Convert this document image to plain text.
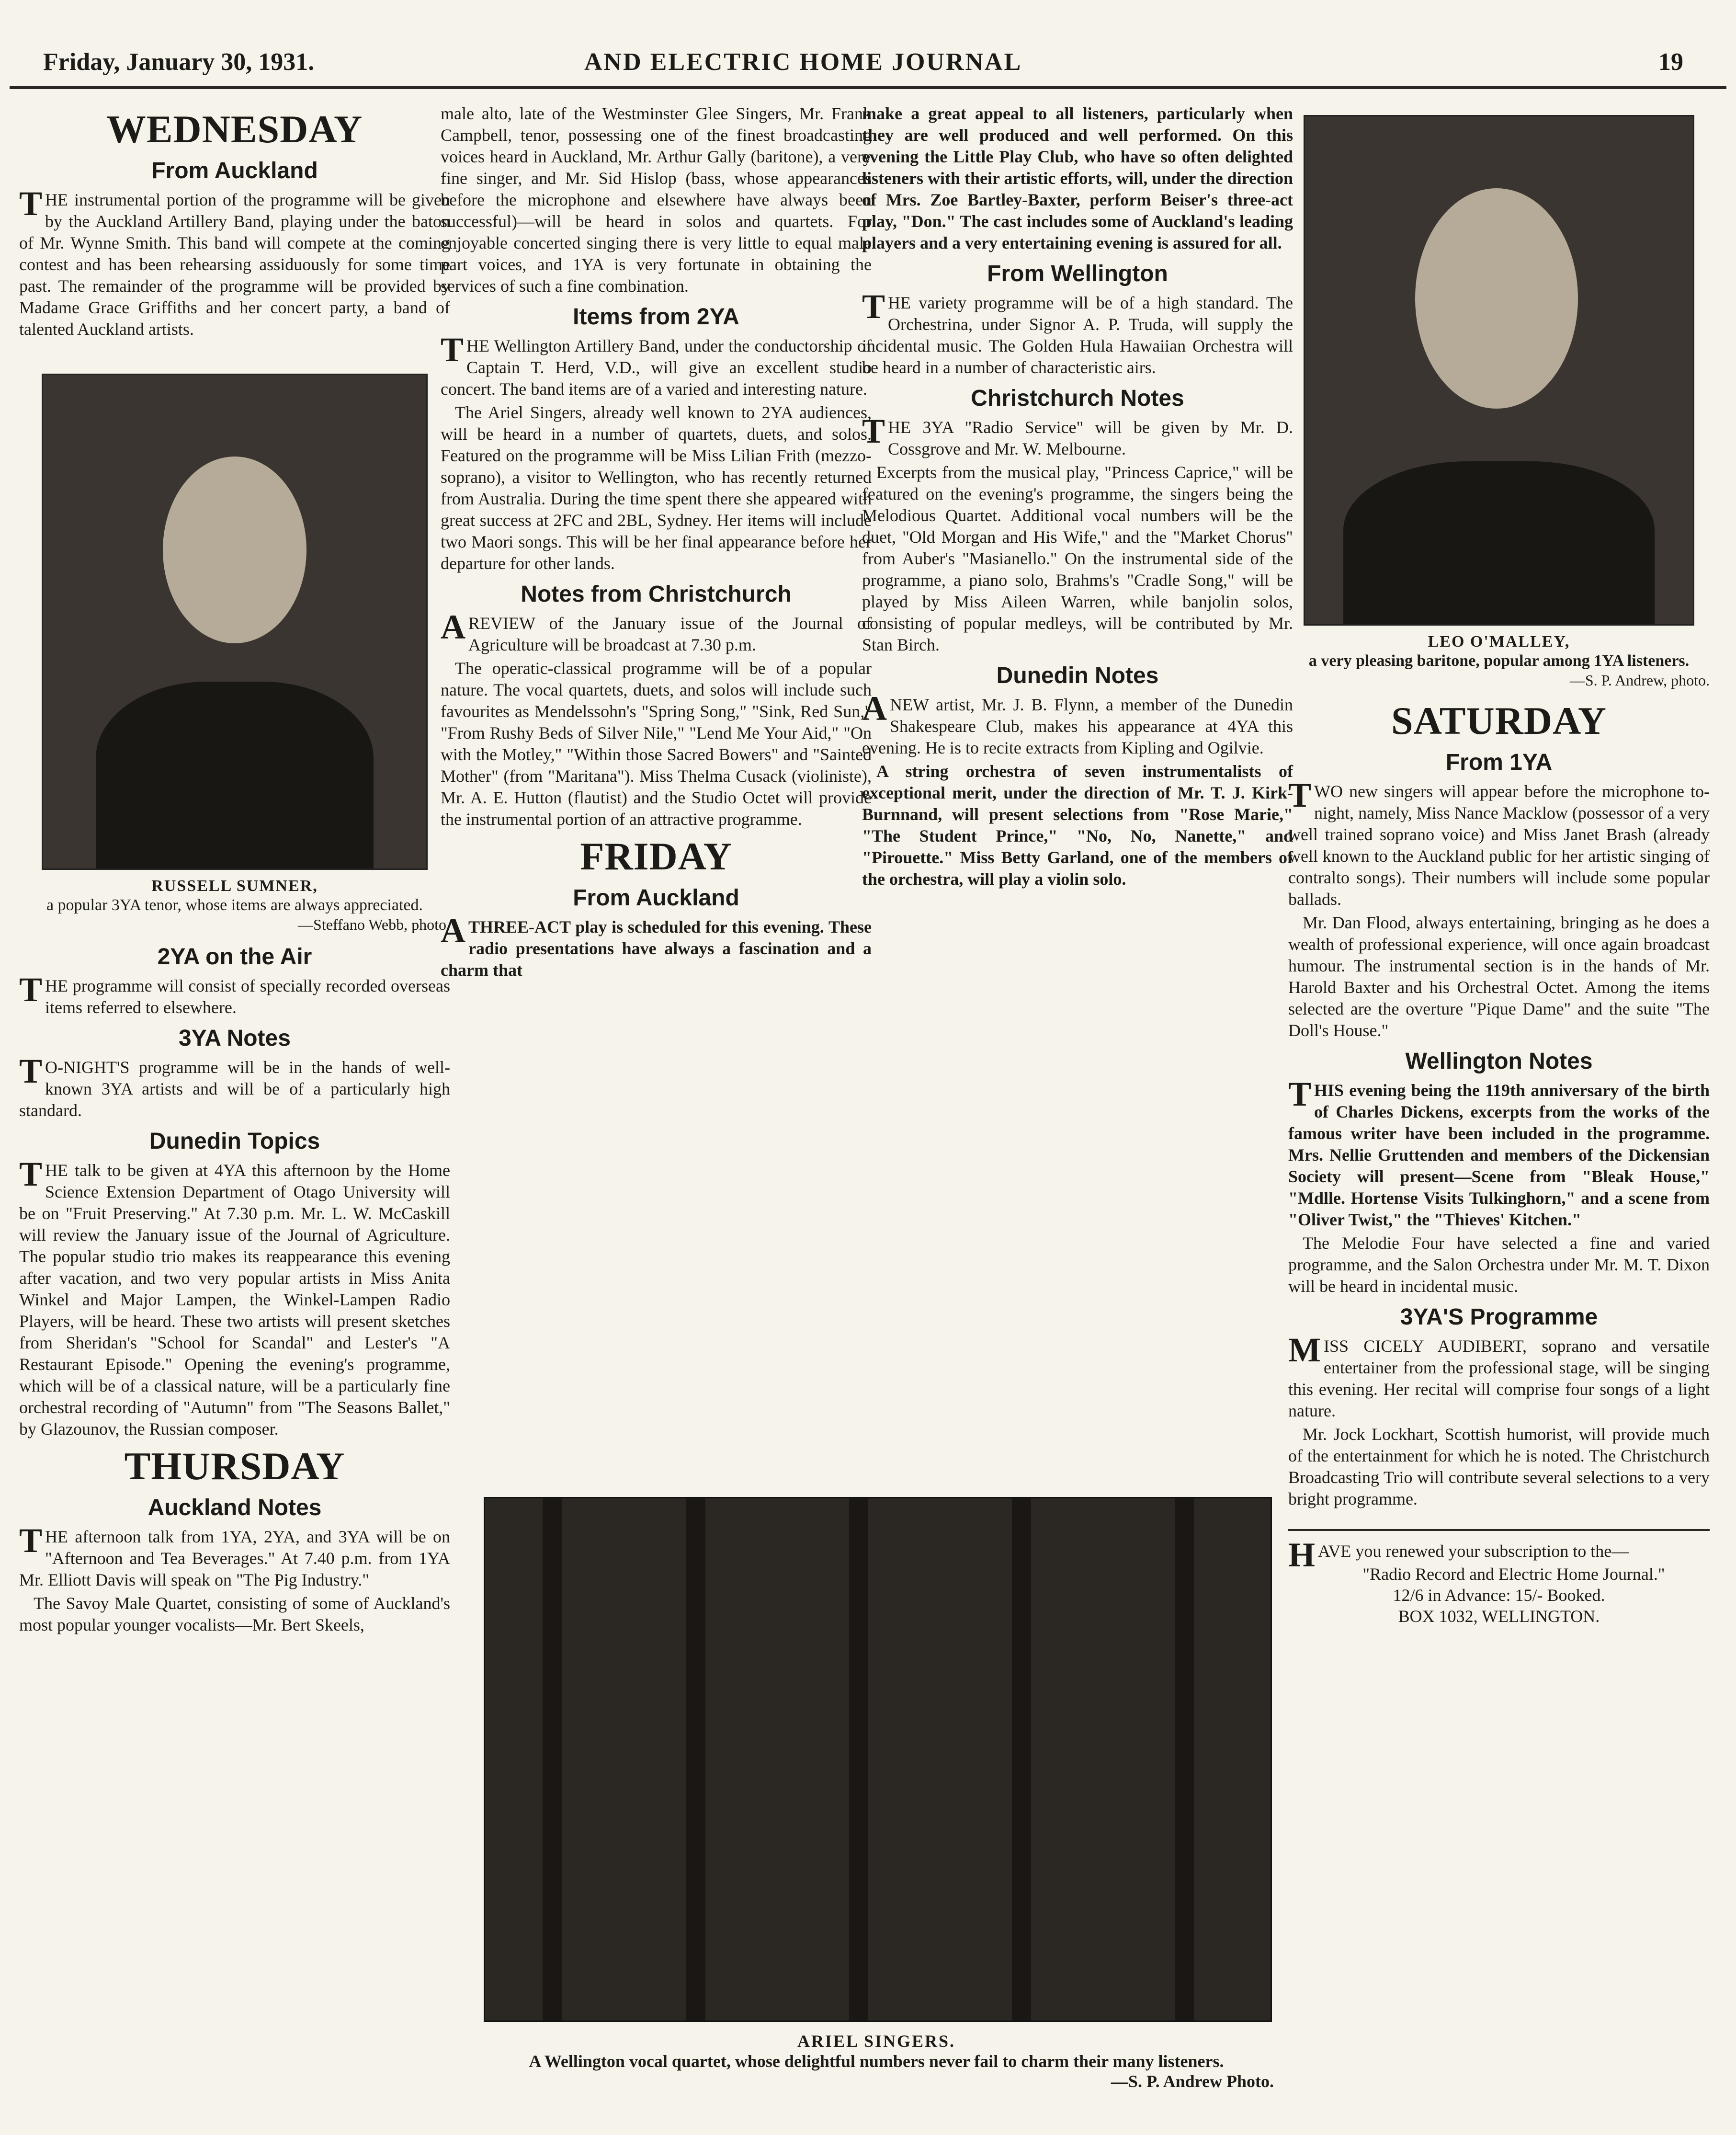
Friday, January 30, 1931.	AND ELECTRIC HOME JOURNAL	19
WEDNESDAY
From Auckland

THE instrumental portion of the programme will be given by the Auckland Artillery Band, playing under the baton of Mr. Wynne Smith. This band will compete at the coming contest and has been rehearsing assiduously for some time past. The remainder of the programme will be provided by Madame Grace Griffiths and her concert party, a band of talented Auckland artists.

RUSSELL SUMNER,
a popular 3YA tenor, whose items are always appreciated.
—Steffano Webb, photo.
2YA on the Air

THE programme will consist of specially recorded overseas items referred to elsewhere.

3YA Notes

TO-NIGHT'S programme will be in the hands of well-known 3YA artists and will be of a particularly high standard.

Dunedin Topics

THE talk to be given at 4YA this afternoon by the Home Science Extension Department of Otago University will be on "Fruit Preserving." At 7.30 p.m. Mr. L. W. McCaskill will review the January issue of the Journal of Agriculture. The popular studio trio makes its reappearance this evening after vacation, and two very popular artists in Miss Anita Winkel and Major Lampen, the Winkel-Lampen Radio Players, will be heard. These two artists will present sketches from Sheridan's "School for Scandal" and Lester's "A Restaurant Episode." Opening the evening's programme, which will be of a classical nature, will be a particularly fine orchestral recording of "Autumn" from "The Seasons Ballet," by Glazounov, the Russian composer.

THURSDAY
Auckland Notes

THE afternoon talk from 1YA, 2YA, and 3YA will be on "Afternoon and Tea Beverages." At 7.40 p.m. from 1YA Mr. Elliott Davis will speak on "The Pig Industry."

The Savoy Male Quartet, consisting of some of Auckland's most popular younger vocalists—Mr. Bert Skeels,

male alto, late of the Westminster Glee Singers, Mr. Frank Campbell, tenor, possessing one of the finest broadcasting voices heard in Auckland, Mr. Arthur Gally (baritone), a very fine singer, and Mr. Sid Hislop (bass, whose appearances before the microphone and elsewhere have always been successful)—will be heard in solos and quartets. For enjoyable concerted singing there is very little to equal male part voices, and 1YA is very fortunate in obtaining the services of such a fine combination.

Items from 2YA

THE Wellington Artillery Band, under the conductorship of Captain T. Herd, V.D., will give an excellent studio concert. The band items are of a varied and interesting nature.

The Ariel Singers, already well known to 2YA audiences, will be heard in a number of quartets, duets, and solos. Featured on the programme will be Miss Lilian Frith (mezzo-soprano), a visitor to Wellington, who has recently returned from Australia. During the time spent there she appeared with great success at 2FC and 2BL, Sydney. Her items will include two Maori songs. This will be her final appearance before her departure for other lands.

Notes from Christchurch

AREVIEW of the January issue of the Journal of Agriculture will be broadcast at 7.30 p.m.

The operatic-classical programme will be of a popular nature. The vocal quartets, duets, and solos will include such favourites as Mendelssohn's "Spring Song," "Sink, Red Sun," "From Rushy Beds of Silver Nile," "Lend Me Your Aid," "On with the Motley," "Within those Sacred Bowers" and "Sainted Mother" (from "Maritana"). Miss Thelma Cusack (violiniste), Mr. A. E. Hutton (flautist) and the Studio Octet will provide the instrumental portion of an attractive programme.

FRIDAY
From Auckland

ATHREE-ACT play is scheduled for this evening. These radio presentations have always a fascination and a charm that

make a great appeal to all listeners, particularly when they are well produced and well performed. On this evening the Little Play Club, who have so often delighted listeners with their artistic efforts, will, under the direction of Mrs. Zoe Bartley-Baxter, perform Beiser's three-act play, "Don." The cast includes some of Auckland's leading players and a very entertaining evening is assured for all.

From Wellington

THE variety programme will be of a high standard. The Orchestrina, under Signor A. P. Truda, will supply the incidental music. The Golden Hula Hawaiian Orchestra will be heard in a number of characteristic airs.

Christchurch Notes

THE 3YA "Radio Service" will be given by Mr. D. Cossgrove and Mr. W. Melbourne.

Excerpts from the musical play, "Princess Caprice," will be featured on the evening's programme, the singers being the Melodious Quartet. Additional vocal numbers will be the duet, "Old Morgan and His Wife," and the "Market Chorus" from Auber's "Masianello." On the instrumental side of the programme, a piano solo, Brahms's "Cradle Song," will be played by Miss Aileen Warren, while banjolin solos, consisting of popular medleys, will be contributed by Mr. Stan Birch.

Dunedin Notes

ANEW artist, Mr. J. B. Flynn, a member of the Dunedin Shakespeare Club, makes his appearance at 4YA this evening. He is to recite extracts from Kipling and Ogilvie.

A string orchestra of seven instrumentalists of exceptional merit, under the direction of Mr. T. J. Kirk-Burnnand, will present selections from "Rose Marie," "The Student Prince," "No, No, Nanette," and "Pirouette." Miss Betty Garland, one of the members of the orchestra, will play a violin solo.

LEO O'MALLEY,
a very pleasing baritone, popular among 1YA listeners.
—S. P. Andrew, photo.
SATURDAY
From 1YA

TWO new singers will appear before the microphone to-night, namely, Miss Nance Macklow (possessor of a very well trained soprano voice) and Miss Janet Brash (already well known to the Auckland public for her artistic singing of contralto songs). Their numbers will include some popular ballads.

Mr. Dan Flood, always entertaining, bringing as he does a wealth of professional experience, will once again broadcast humour. The instrumental section is in the hands of Mr. Harold Baxter and his Orchestral Octet. Among the items selected are the overture "Pique Dame" and the suite "The Doll's House."

Wellington Notes

THIS evening being the 119th anniversary of the birth of Charles Dickens, excerpts from the works of the famous writer have been included in the programme. Mrs. Nellie Gruttenden and members of the Dickensian Society will present—Scene from "Bleak House," "Mdlle. Hortense Visits Tulkinghorn," and a scene from "Oliver Twist," the "Thieves' Kitchen."

The Melodie Four have selected a fine and varied programme, and the Salon Orchestra under Mr. M. T. Dixon will be heard in incidental music.

3YA'S Programme

MISS CICELY AUDIBERT, soprano and versatile entertainer from the professional stage, will be singing this evening. Her recital will comprise four songs of a light nature.

Mr. Jock Lockhart, Scottish humorist, will provide much of the entertainment for which he is noted. The Christchurch Broadcasting Trio will contribute several selections to a very bright programme.

HAVE you renewed your subscription to the—

"Radio Record and Electric Home Journal."
12/6 in Advance: 15/- Booked.
BOX 1032, WELLINGTON.
ARIEL SINGERS.
A Wellington vocal quartet, whose delightful numbers never fail to charm their many listeners.
—S. P. Andrew Photo.
